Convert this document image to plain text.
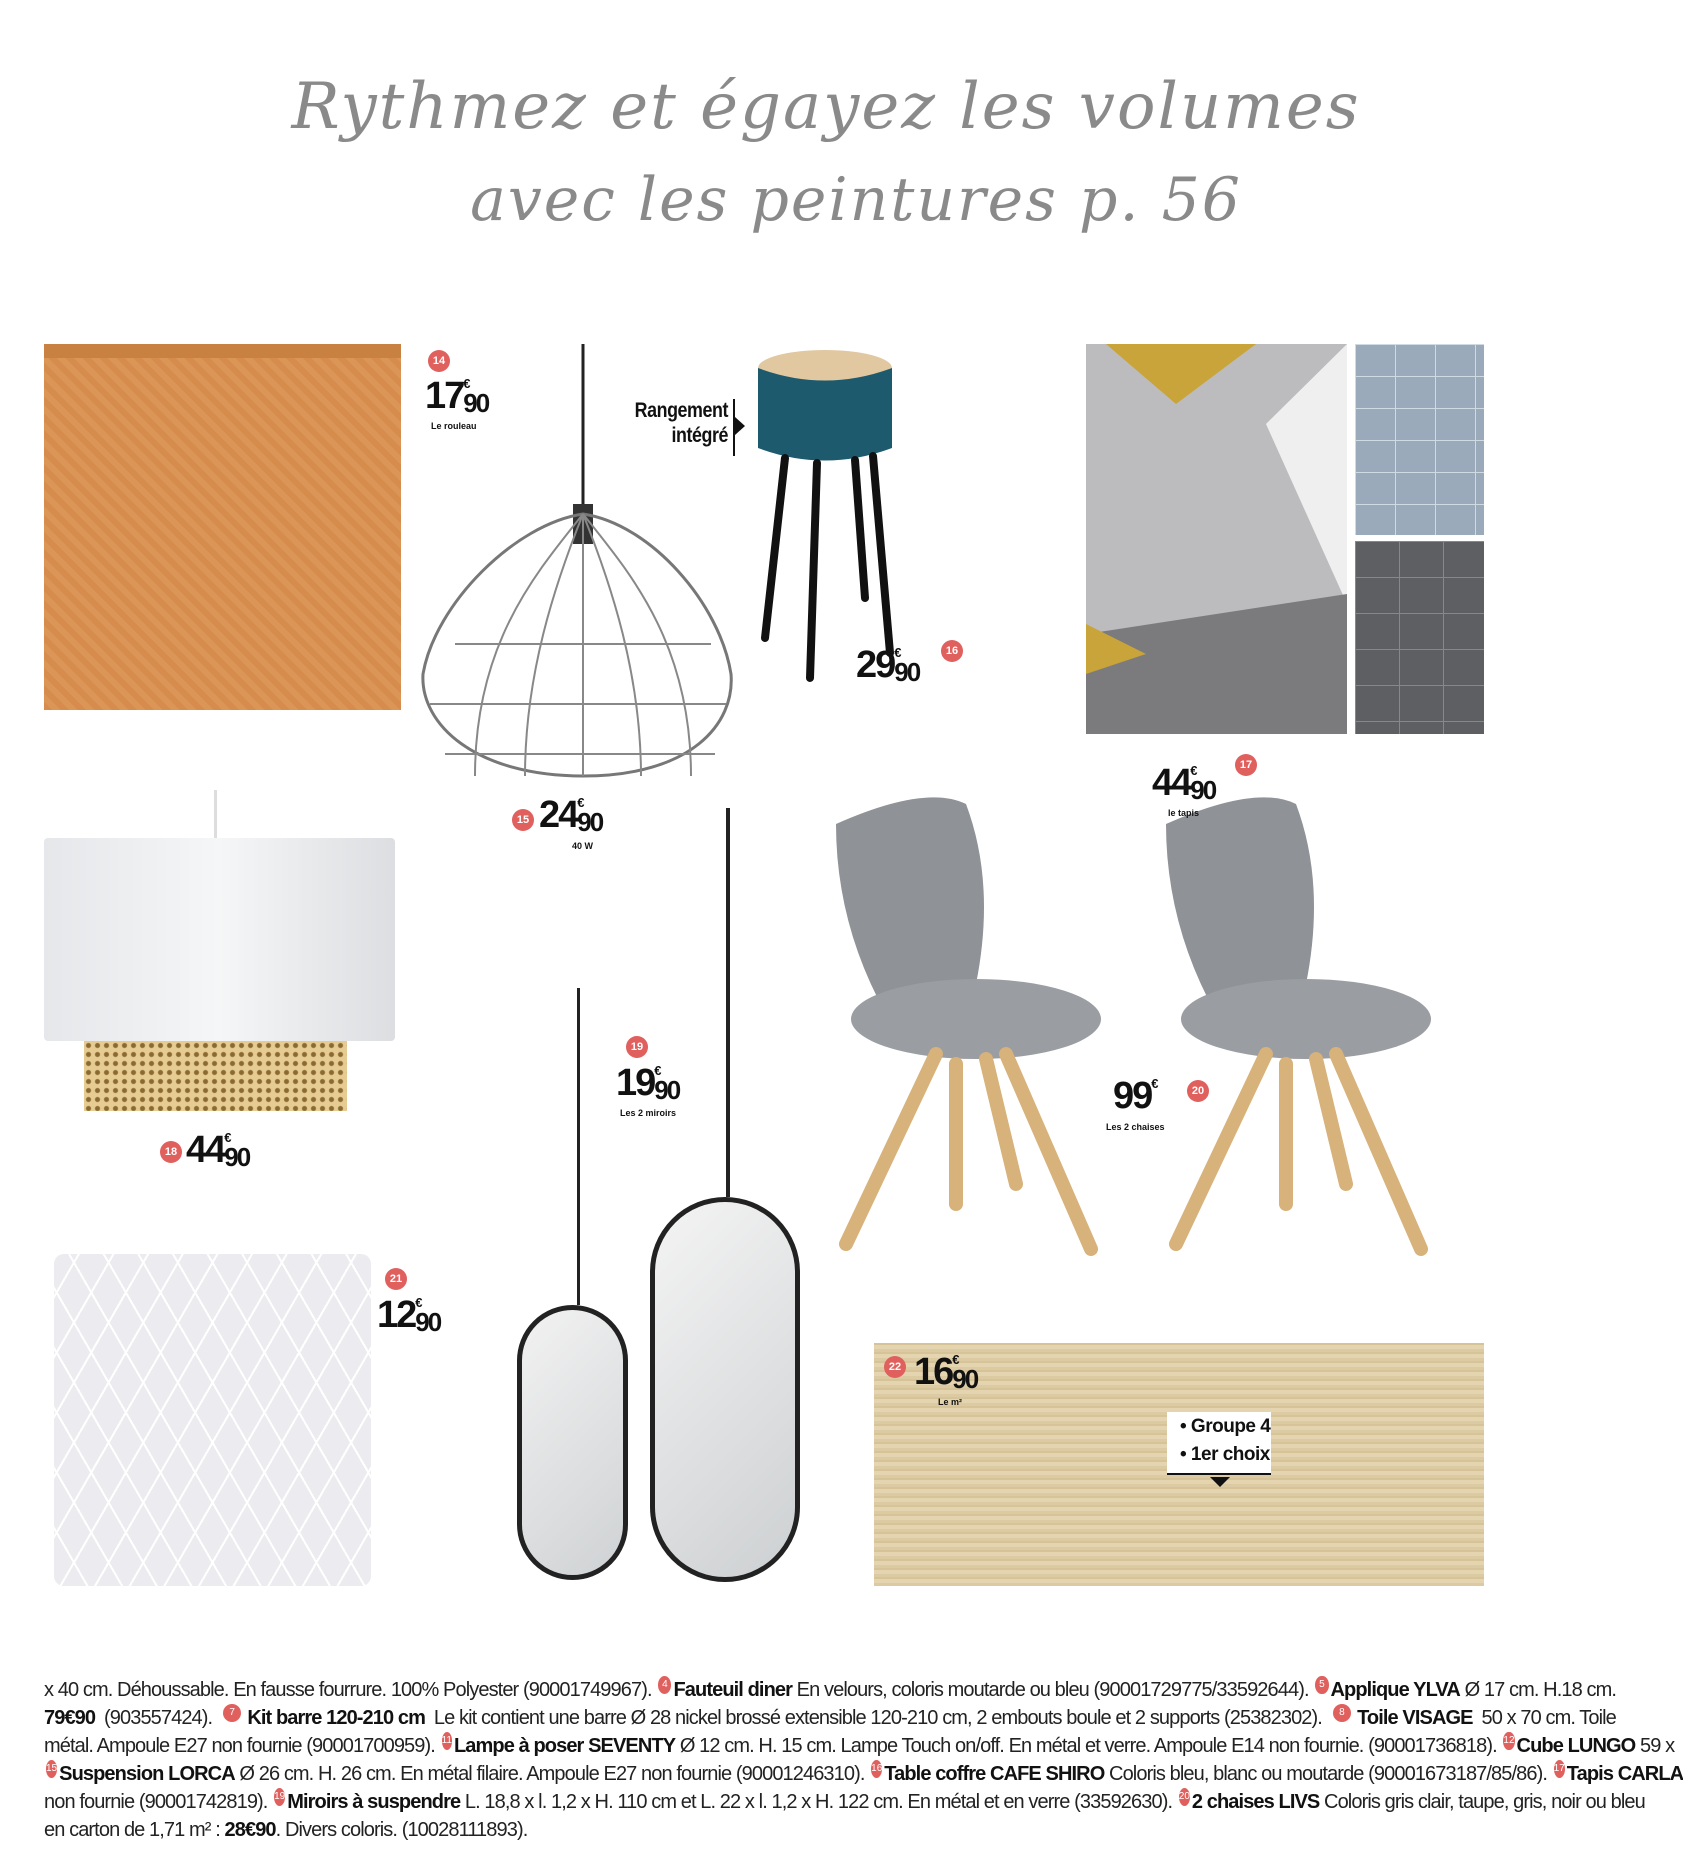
Rythmez et égayez les volumes
avec les peintures p. 56
• Groupe 4
• 1er choix
Rangement
intégré
14
17 €
90
Le rouleau
15 24 €
90
40 W
16
29 €
90
17
44 €
90
le tapis
18 44 €
90
19
19 €
90
Les 2 miroirs
20
99 €
Les 2 chaises
21
12 €
90
22 16 €
90
Le m²
x 40 cm. Déhoussable. En fausse fourrure. 100% Polyester (90001749967). 4 Fauteuil diner En velours, coloris moutarde ou bleu (90001729775/33592644). 5 Applique YLVA Ø 17 cm. H.18 cm.
79€90 (903557424).	7 Kit barre 120-210 cm Le kit contient une barre Ø 28 nickel brossé extensible 120-210 cm, 2 embouts boule et 2 supports (25382302).	8 Toile VISAGE 50 x 70 cm. Toile
métal. Ampoule E27 non fournie (90001700959). 11 Lampe à poser SEVENTY Ø 12 cm. H. 15 cm. Lampe Touch on/off. En métal et verre. Ampoule E14 non fournie. (90001736818). 12 Cube LUNGO 59 x
15 Suspension LORCA Ø 26 cm. H. 26 cm. En métal filaire. Ampoule E27 non fournie (90001246310). 16 Table coffre CAFE SHIRO Coloris bleu, blanc ou moutarde (90001673187/85/86). 17 Tapis CARLA
non fournie (90001742819). 19 Miroirs à suspendre L. 18,8 x l. 1,2 x H. 110 cm et L. 22 x l. 1,2 x H. 122 cm. En métal et en verre (33592630). 20 2 chaises LIVS Coloris gris clair, taupe, gris, noir ou bleu
en carton de 1,71 m² : 28€90 . Divers coloris. (10028111893).
